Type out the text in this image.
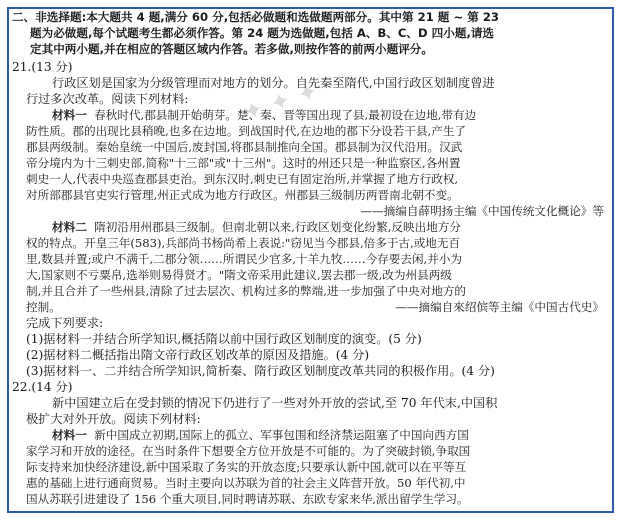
✦ ✦ ✦
二、非选择题:本大题共 4 题,满分 60 分,包括必做题和选做题两部分。其中第 21 题 ~ 第 23
题为必做题,每个试题考生都必须作答。第 24 题为选做题,包括 A、B、C、D 四小题,请选
定其中两小题,并在相应的答题区域内作答。若多做,则按作答的前两小题评分。
21.(13 分)
行政区划是国家为分级管理而对地方的划分。自先秦至隋代,中国行政区划制度曾进
行过多次改革。阅读下列材料:
材料一 春秋时代,郡县制开始萌芽。楚、秦、晋等国出现了县,最初设在边地,带有边
防性质。郡的出现比县稍晚,也多在边地。到战国时代,在边地的郡下分设若干县,产生了
郡县两级制。秦始皇统一中国后,废封国,将郡县制推向全国。郡县制为汉代沿用。汉武
帝分境内为十三刺史部,简称"十三部"或"十三州"。这时的州还只是一种监察区,各州置
刺史一人,代表中央巡查郡县吏治。到东汉时,刺史已有固定治所,并掌握了地方行政权,
对所部郡县官吏实行管理,州正式成为地方行政区。州郡县三级制历两晋南北朝不变。
——摘编自薛明扬主编《中国传统文化概论》等
材料二 隋初沿用州郡县三级制。但南北朝以来,行政区划变化纷繁,反映出地方分
权的特点。开皇三年(583),兵部尚书杨尚希上表说:"窃见当今郡县,倍多于古,或地无百
里,数县并置;或户不满千,二郡分领……所谓民少官多,十羊九牧……今存要去闲,并小为
大,国家则不亏粟帛,选举则易得贤才。"隋文帝采用此建议,罢去郡一级,改为州县两级
制,并且合并了一些州县,清除了过去层次、机构过多的弊端,进一步加强了中央对地方的
控制。	——摘编自來绍傧等主编《中国古代史》
完成下列要求:
(1)据材料一并结合所学知识,概括隋以前中国行政区划制度的演变。(5 分)
(2)据材料二概括指出隋文帝行政区划改革的原因及措施。(4 分)
(3)据材料一、二并结合所学知识,简析秦、隋行政区划制度改革共同的积极作用。(4 分)
22.(14 分)
新中国建立后在受封锁的情况下仍进行了一些对外开放的尝试,至 70 年代末,中国积
极扩大对外开放。阅读下列材料:
材料一 新中国成立初期,国际上的孤立、军事包围和经济禁运阻塞了中国向西方国
家学习和开放的途径。在当时条件下想要全方位开放是不可能的。为了突破封锁,争取国
际支持来加快经济建设,新中国采取了务实的开放态度;只要承认新中国,就可以在平等互
惠的基础上进行通商贸易。当时主要向以苏联为首的社会主义阵营开放。50 年代初,中
国从苏联引进建设了 156 个重大项目,同时聘请苏联、东欧专家来华,派出留学生学习。
